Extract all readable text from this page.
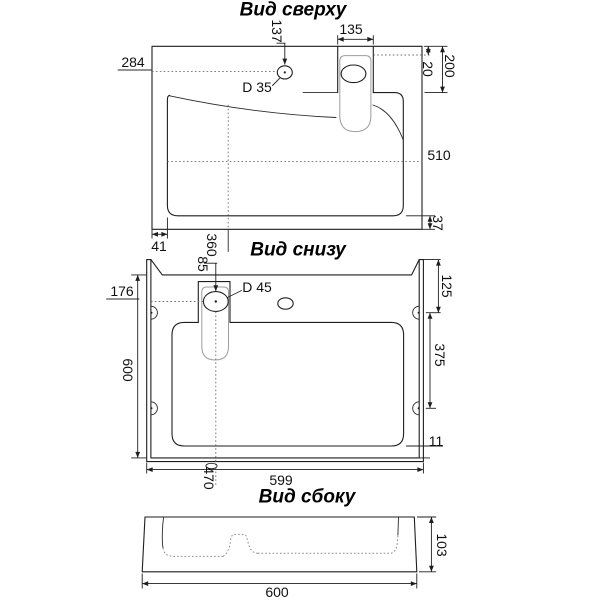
Вид сверху
137	135
284
D 35
20 200
510
37
41	360 Вид снизу
85
D 45
176	125
375
600
11
470	599
Вид сбоку
103
600
